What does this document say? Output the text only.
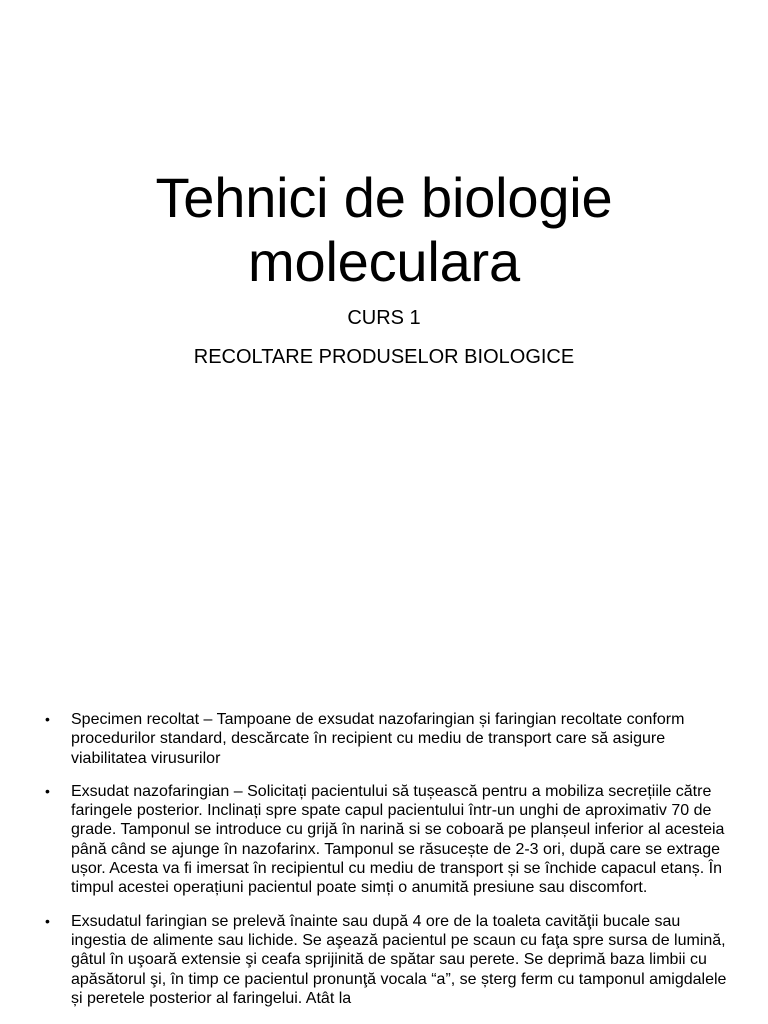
Tehnici de biologie
moleculara

CURS 1

RECOLTARE PRODUSELOR BIOLOGICE

• Specimen recoltat – Tampoane de exsudat nazofaringian și faringian recoltate conform procedurilor standard, descărcate în recipient cu mediu de transport care să asigure viabilitatea virusurilor
• Exsudat nazofaringian – Solicitați pacientului să tușească pentru a mobiliza secrețiile către faringele posterior. Inclinați spre spate capul pacientului într-un unghi de aproximativ 70 de grade. Tamponul se introduce cu grijă în narină si se coboară pe planșeul inferior al acesteia până când se ajunge în nazofarinx. Tamponul se răsucește de 2-3 ori, după care se extrage ușor. Acesta va fi imersat în recipientul cu mediu de transport și se închide capacul etanș. În timpul acestei operațiuni pacientul poate simți o anumită presiune sau discomfort.
• Exsudatul faringian se prelevă înainte sau după 4 ore de la toaleta cavităţii bucale sau ingestia de alimente sau lichide. Se aşează pacientul pe scaun cu faţa spre sursa de lumină, gâtul în uşoară extensie şi ceafa sprijinită de spătar sau perete. Se deprimă baza limbii cu apăsătorul şi, în timp ce pacientul pronunţă vocala “a”, se șterg ferm cu tamponul amigdalele și peretele posterior al faringelui. Atât la
